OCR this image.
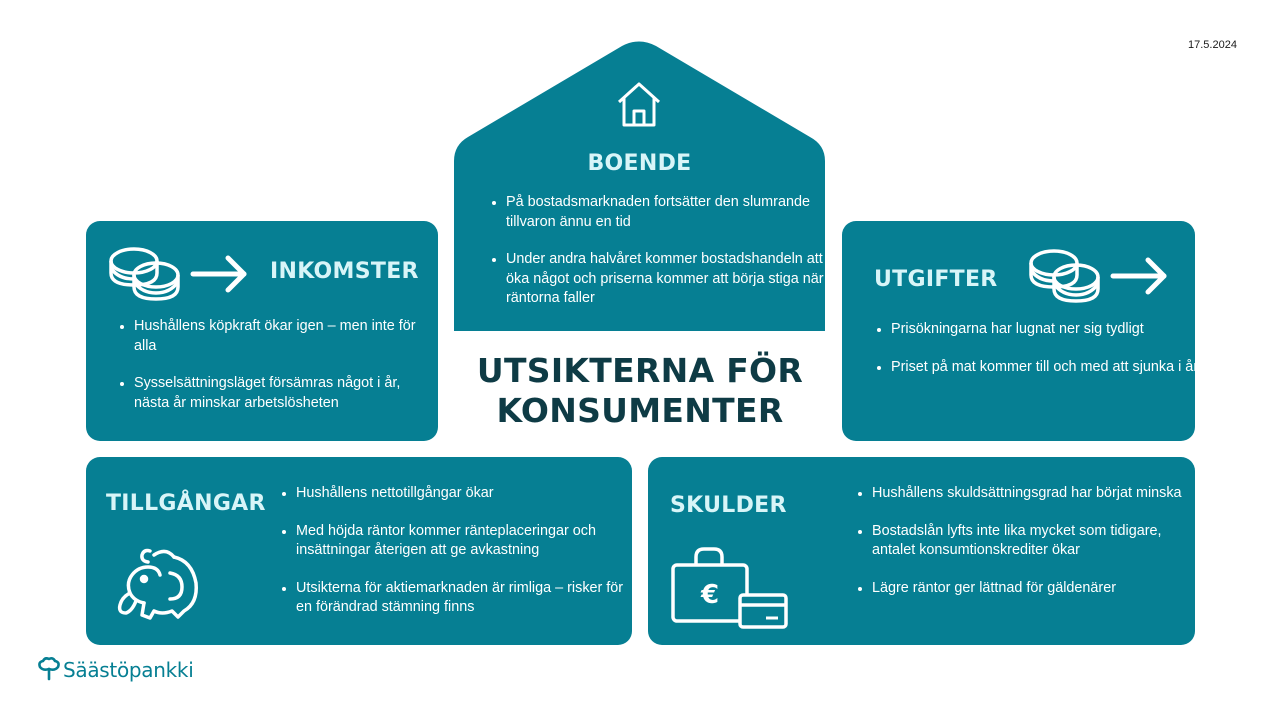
17.5.2024
BOENDE
• På bostadsmarknaden fortsätter den slumrande tillvaron ännu en tid
• Under andra halvåret kommer bostadshandeln att öka något och priserna kommer att börja stiga när räntorna faller
INKOMSTER
• Hushållens köpkraft ökar igen – men inte för alla
• Sysselsättningsläget försämras något i år, nästa år minskar arbetslösheten
UTGIFTER
• Prisökningarna har lugnat ner sig tydligt
• Priset på mat kommer till och med att sjunka i år
UTSIKTERNA FÖR
KONSUMENTER
TILLGÅNGAR
• Hushållens nettotillgångar ökar
• Med höjda räntor kommer ränteplaceringar och insättningar återigen att ge avkastning
• Utsikterna för aktiemarknaden är rimliga – risker för en förändrad stämning finns
SKULDER
€
• Hushållens skuldsättningsgrad har börjat minska
• Bostadslån lyfts inte lika mycket som tidigare, antalet konsumtionskrediter ökar
• Lägre räntor ger lättnad för gäldenärer
Säästöpankki
